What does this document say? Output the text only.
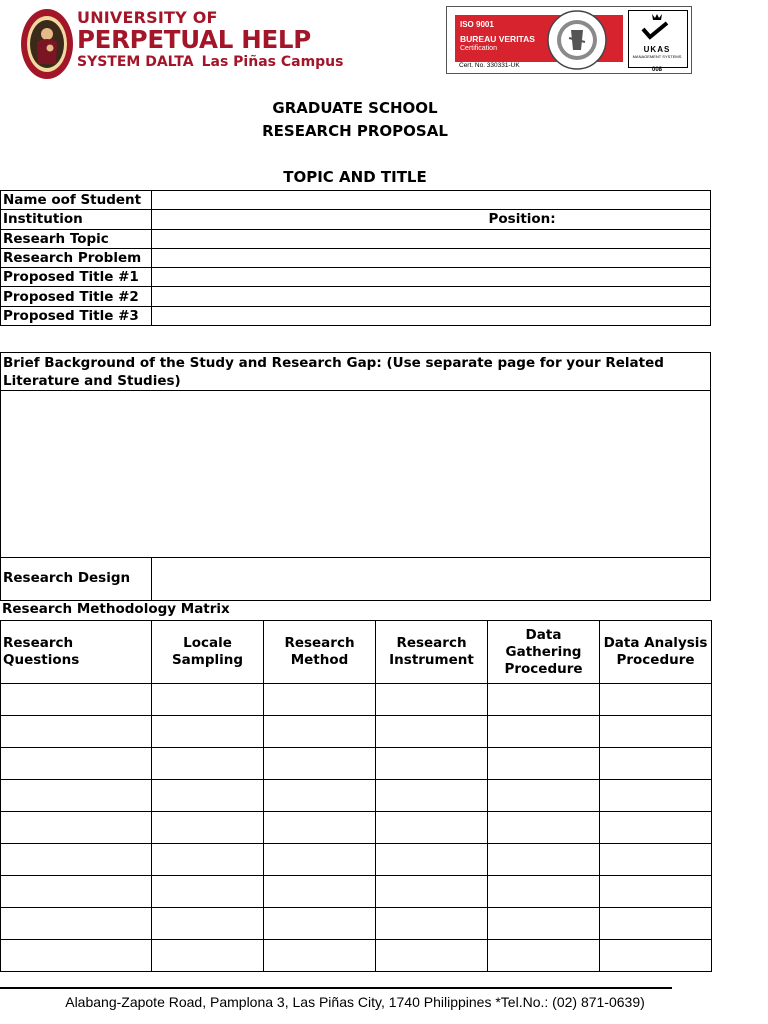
UNIVERSITY OF
PERPETUAL HELP
SYSTEM DALTA Las Piñas Campus
ISO 9001
BUREAU VERITAS
Certification
Cert. No. 330331-UK
UKAS
MANAGEMENT SYSTEMS
008
GRADUATE SCHOOL
RESEARCH PROPOSAL
TOPIC AND TITLE
Name oof Student		
Institution		Position:
Researh Topic		
Research Problem		
Proposed Title #1		
Proposed Title #2		
Proposed Title #3		
Brief Background of the Study and Research Gap: (Use separate page for your Related Literature and Studies)
Research Design
Research Methodology Matrix
Research Questions	Locale Sampling	Research Method	Research Instrument	Data Gathering Procedure	Data Analysis Procedure

Alabang-Zapote Road, Pamplona 3, Las Piñas City, 1740 Philippines *Tel.No.: (02) 871-0639)
